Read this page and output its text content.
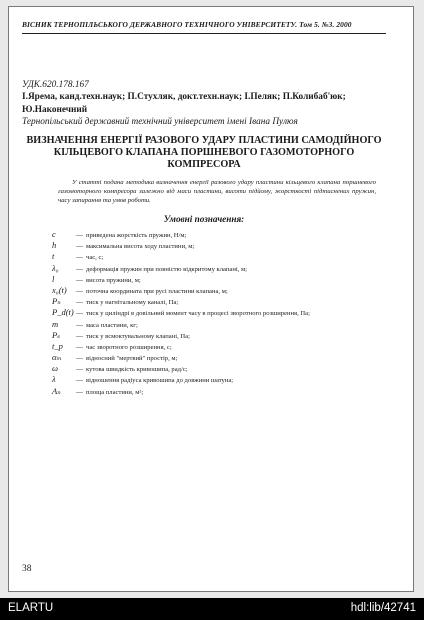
ВІСНИК ТЕРНОПІЛЬСЬКОГО ДЕРЖАВНОГО ТЕХНІЧНОГО УНІВЕРСИТЕТУ. Том 5. №3. 2000
УДК.620.178.167
І.Ярема, канд.техн.наук; П.Стухляк, докт.техн.наук; І.Пеляк; П.Колибаб'юк; Ю.Наконечний
Тернопільський державний технічний університет імені Івана Пулюя
ВИЗНАЧЕННЯ ЕНЕРГІЇ РАЗОВОГО УДАРУ ПЛАСТИНИ САМОДІЙНОГО КІЛЬЦЕВОГО КЛАПАНА ПОРШНЕВОГО ГАЗОМОТОРНОГО КОМПРЕСОРА
У статті подана методика визначення енергії разового удару пластини кільцевого клапана поршневого газомоторного компресора залежно від маси пластини, висоти підйому, жорсткості підтиснених пружин, часу запирання та умов роботи.
Умовні позначення:
c	— приведена жорсткість пружин, Н/м;
h	— максимальна висота ходу пластини, м;
t	— час, с;
λ₀ — деформація пружин при повністю відкритому клапані, м;
l	— висота пружини, м;
x₀(t) — поточна координата при русі пластини клапана, м;
Pₙ — тиск у нагнітальному каналі, Па;
P_d(t) — тиск у циліндрі в довільний момент часу в процесі зворотного розширення, Па;
m	— маса пластини, кг;
Pₛ — тиск у всмоктувальному клапані, Па;
t_p — час зворотного розширення, с;
αₘ — відносний "мертвий" простір, м;
ω	— кутова швидкість кривошипа, рад/с;
λ	— відношення радіуса кривошипа до довжини шатуна;
Aₙ — площа пластини, м²;
38
ELARTU	hdl:lib/42741
